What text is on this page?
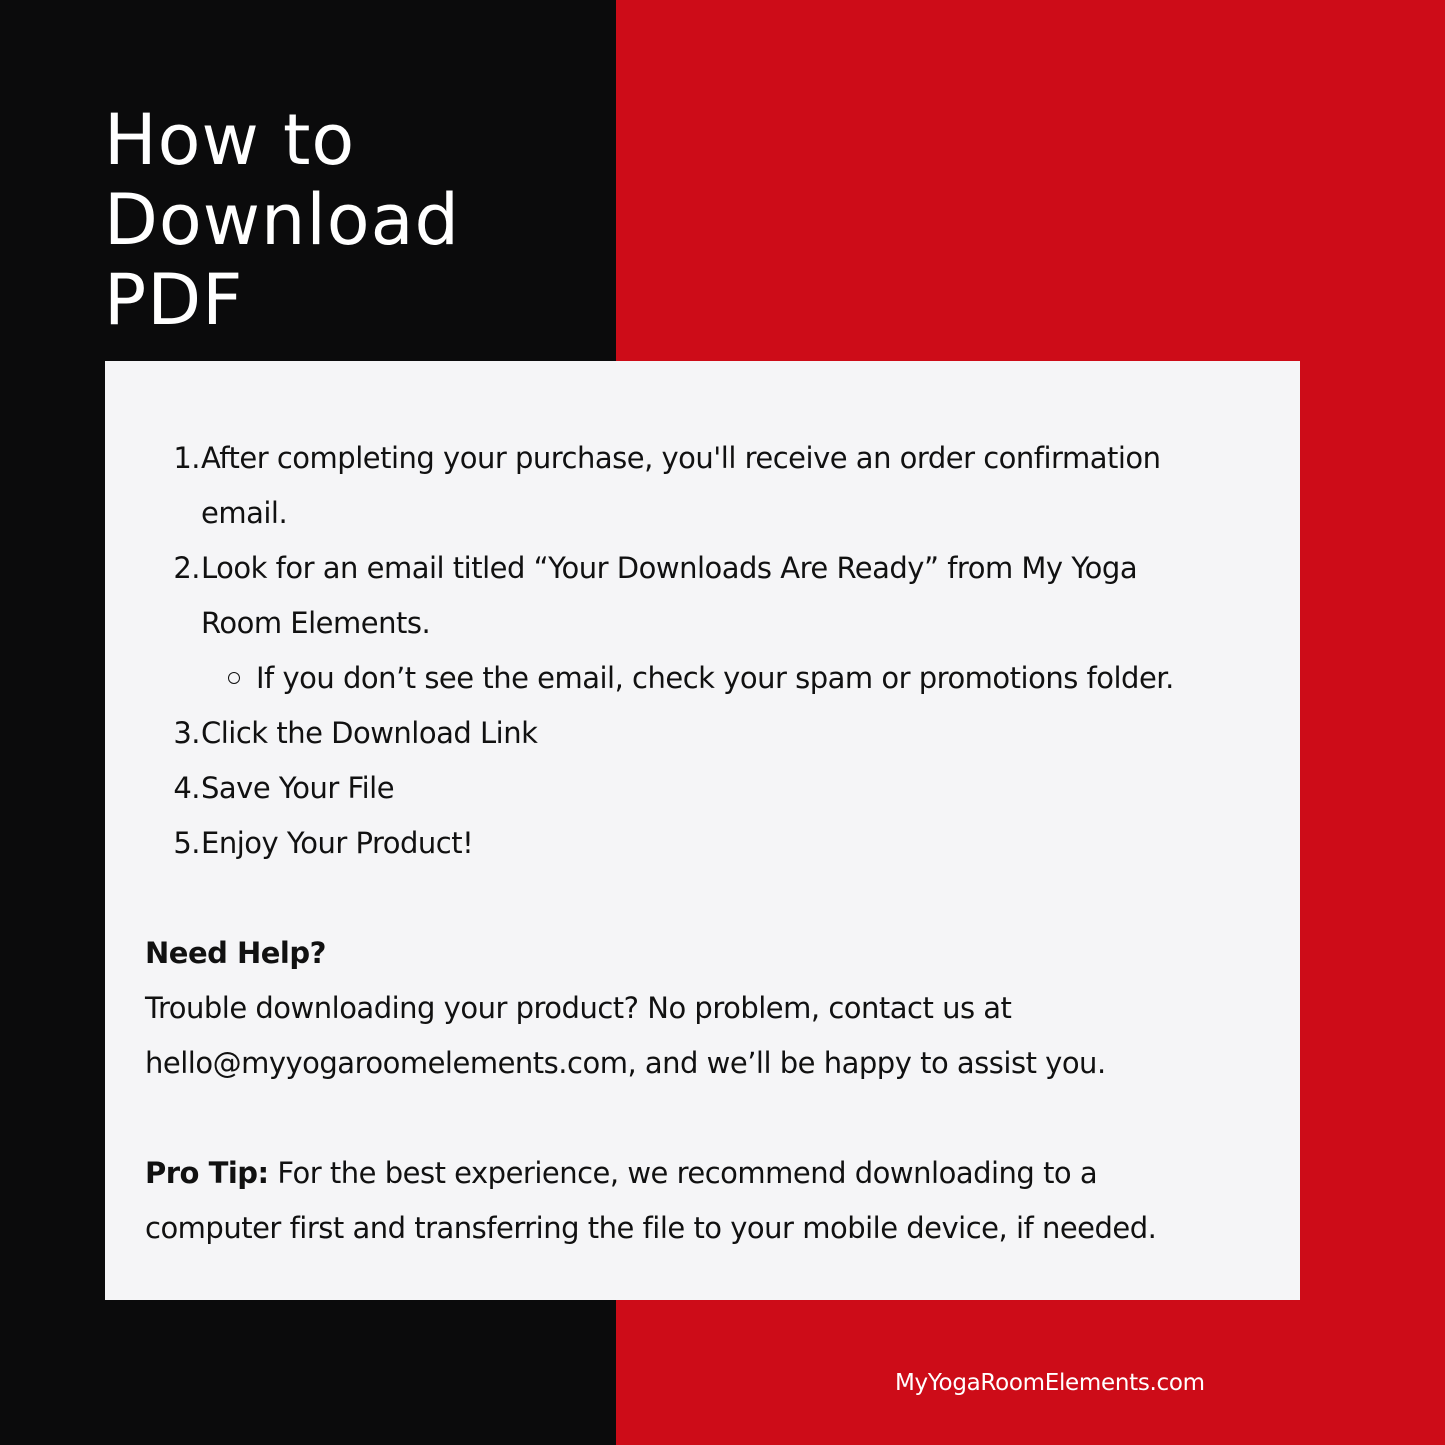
How to
Download
PDF
1. After completing your purchase, you'll receive an order confirmation
email.
2. Look for an email titled “Your Downloads Are Ready” from My Yoga
Room Elements.
If you don’t see the email, check your spam or promotions folder.
3. Click the Download Link
4. Save Your File
5. Enjoy Your Product!
Need Help?
Trouble downloading your product? No problem, contact us at
hello@myyogaroomelements.com, and we’ll be happy to assist you.
Pro Tip: For the best experience, we recommend downloading to a
computer first and transferring the file to your mobile device, if needed.
MyYogaRoomElements.com
